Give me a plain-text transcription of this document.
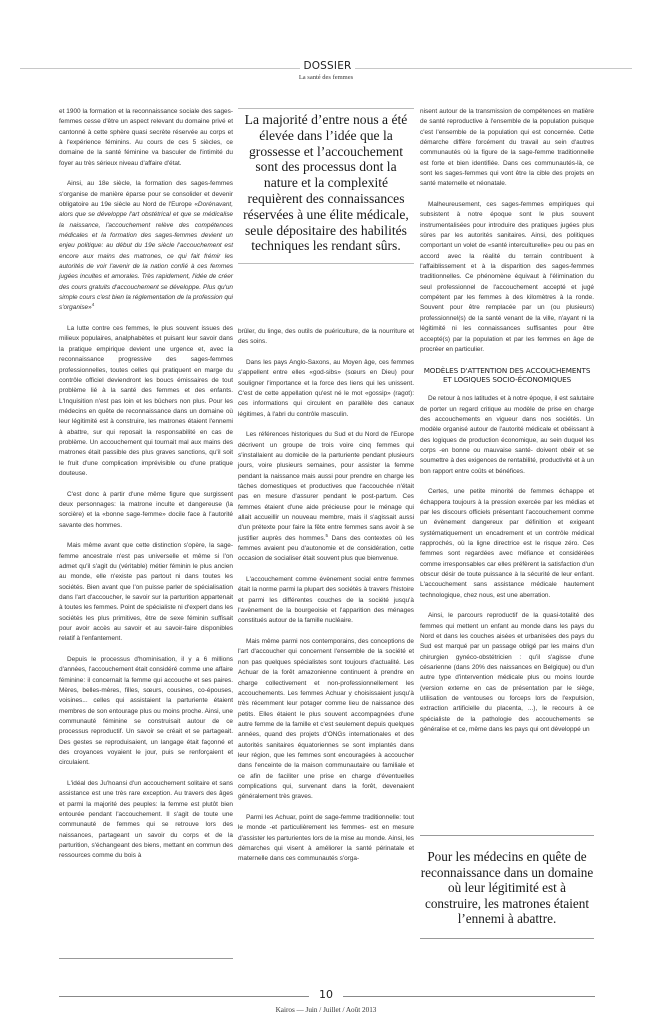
DOSSIER
La santé des femmes

et 1900 la formation et la reconnaissance sociale des sages-femmes cesse d'être un aspect relevant du domaine privé et cantonné à cette sphère quasi secrète réservée au corps et à l'expérience féminins. Au cours de ces 5 siècles, ce domaine de la santé féminine va basculer de l'intimité du foyer au très sérieux niveau d'affaire d'état.

Ainsi, au 18e siècle, la formation des sages-femmes s'organise de manière éparse pour se consolider et devenir obligatoire au 19e siècle au Nord de l'Europe «Dorénavant, alors que se développe l'art obstétrical et que se médicalise la naissance, l'accouchement relève des compétences médicales et la formation des sages-femmes devient un enjeu politique: au début du 19e siècle l'accouchement est encore aux mains des matrones, ce qui fait frémir les autorités de voir l'avenir de la nation confié à ces femmes jugées incultes et amorales. Très rapidement, l'idée de créer des cours gratuits d'accouchement se développe. Plus qu'un simple cours c'est bien la réglementation de la profession qui s'organise»$^4$

La lutte contre ces femmes, le plus souvent issues des milieux populaires, analphabètes et puisant leur savoir dans la pratique empirique devient une urgence et, avec la reconnaissance progressive des sages-femmes professionnelles, toutes celles qui pratiquent en marge du contrôle officiel deviendront les boucs émissaires de tout problème lié à la santé des femmes et des enfants. L'Inquisition n'est pas loin et les bûchers non plus. Pour les médecins en quête de reconnaissance dans un domaine où leur légitimité est à construire, les matrones étaient l'ennemi à abattre, sur qui reposait la responsabilité en cas de problème. Un accouchement qui tournait mal aux mains des matrones était passible des plus graves sanctions, qu'il soit le fruit d'une complication imprévisible ou d'une pratique douteuse.

C'est donc à partir d'une même figure que surgissent deux personnages: la matrone inculte et dangereuse (la sorcière) et la «bonne sage-femme» docile face à l'autorité savante des hommes.

Mais même avant que cette distinction s'opère, la sage-femme ancestrale n'est pas universelle et même si l'on admet qu'il s'agit du (véritable) métier féminin le plus ancien au monde, elle n'existe pas partout ni dans toutes les sociétés. Bien avant que l'on puisse parler de spécialisation dans l'art d'accoucher, le savoir sur la parturition appartenait à toutes les femmes. Point de spécialiste ni d'expert dans les sociétés les plus primitives, être de sexe féminin suffisait pour avoir accès au savoir et au savoir-faire disponibles relatif à l'enfantement.

Depuis le processus d'hominisation, il y a 6 millions d'années, l'accouchement était considéré comme une affaire féminine: il concernait la femme qui accouche et ses paires. Mères, belles-mères, filles, sœurs, cousines, co-épouses, voisines... celles qui assistaient la parturiente étaient membres de son entourage plus ou moins proche. Ainsi, une communauté féminine se construisait autour de ce processus reproductif. Un savoir se créait et se partageait. Des gestes se reproduisaient, un langage était façonné et des croyances voyaient le jour, puis se renforçaient et circulaient.

L'idéal des Ju'hoansi d'un accouchement solitaire et sans assistance est une très rare exception. Au travers des âges et parmi la majorité des peuples: la femme est plutôt bien entourée pendant l'accouchement. Il s'agit de toute une communauté de femmes qui se retrouve lors des naissances, partageant un savoir du corps et de la parturition, s'échangeant des biens, mettant en commun des ressources comme du bois à

La majorité d’entre nous a été élevée dans l’idée que la grossesse et l’accouchement sont des processus dont la nature et la complexité requièrent des connaissances réservées à une élite médicale, seule dépositaire des habilités techniques les rendant sûrs.

brûler, du linge, des outils de puériculture, de la nourriture et des soins.

Dans les pays Anglo-Saxons, au Moyen âge, ces femmes s'appellent entre elles «god-sibs» (sœurs en Dieu) pour souligner l'importance et la force des liens qui les unissent. C'est de cette appellation qu'est né le mot «gossip» (ragot): ces informations qui circulent en parallèle des canaux légitimes, à l'abri du contrôle masculin.

Les références historiques du Sud et du Nord de l'Europe décrivent un groupe de trois voire cinq femmes qui s'installaient au domicile de la parturiente pendant plusieurs jours, voire plusieurs semaines, pour assister la femme pendant la naissance mais aussi pour prendre en charge les tâches domestiques et productives que l'accouchée n'était pas en mesure d'assurer pendant le post-partum. Ces femmes étaient d'une aide précieuse pour le ménage qui allait accueillir un nouveau membre, mais il s'agissait aussi d'un prétexte pour faire la fête entre femmes sans avoir à se justifier auprès des hommes.$^5$ Dans des contextes où les femmes avaient peu d'autonomie et de considération, cette occasion de socialiser était souvent plus que bienvenue.

L'accouchement comme évènement social entre femmes était la norme parmi la plupart des sociétés à travers l'histoire et parmi les différentes couches de la société jusqu'à l'avènement de la bourgeoisie et l'apparition des ménages constitués autour de la famille nucléaire.

Mais même parmi nos contemporains, des conceptions de l'art d'accoucher qui concernent l'ensemble de la société et non pas quelques spécialistes sont toujours d'actualité. Les Achuar de la forêt amazonienne continuent à prendre en charge collectivement et non-professionnellement les accouchements. Les femmes Achuar y choisissaient jusqu'à très récemment leur potager comme lieu de naissance des petits. Elles étaient le plus souvent accompagnées d'une autre femme de la famille et c'est seulement depuis quelques années, quand des projets d'ONGs internationales et des autorités sanitaires équatoriennes se sont implantés dans leur région, que les femmes sont encouragées à accoucher dans l'enceinte de la maison communautaire ou familiale et ce afin de faciliter une prise en charge d'éventuelles complications qui, survenant dans la forêt, devenaient généralement très graves.

Parmi les Achuar, point de sage-femme traditionnelle: tout le monde -et particulièrement les femmes- est en mesure d'assister les parturientes lors de la mise au monde. Ainsi, les démarches qui visent à améliorer la santé périnatale et maternelle dans ces communautés s'orga-

nisent autour de la transmission de compétences en matière de santé reproductive à l'ensemble de la population puisque c'est l'ensemble de la population qui est concernée. Cette démarche diffère forcément du travail au sein d'autres communautés où la figure de la sage-femme traditionnelle est forte et bien identifiée. Dans ces communautés-là, ce sont les sages-femmes qui vont être la cible des projets en santé maternelle et néonatale.

Malheureusement, ces sages-femmes empiriques qui subsistent à notre époque sont le plus souvent instrumentalisées pour introduire des pratiques jugées plus sûres par les autorités sanitaires. Ainsi, des politiques comportant un volet de «santé interculturelle» peu ou pas en accord avec la réalité du terrain contribuent à l'affaiblissement et à la disparition des sages-femmes traditionnelles. Ce phénomène équivaut à l'élimination du seul professionnel de l'accouchement accepté et jugé compétent par les femmes à des kilomètres à la ronde. Souvent pour être remplacée par un (ou plusieurs) professionnel(s) de la santé venant de la ville, n'ayant ni la légitimité ni les connaissances suffisantes pour être accepté(s) par la population et par les femmes en âge de procréer en particulier.

MODÈLES D'ATTENTION DES ACCOUCHEMENTS ET LOGIQUES SOCIO-ÉCONOMIQUES

De retour à nos latitudes et à notre époque, il est salutaire de porter un regard critique au modèle de prise en charge des accouchements en vigueur dans nos sociétés. Un modèle organisé autour de l'autorité médicale et obéissant à des logiques de production économique, au sein duquel les corps -en bonne ou mauvaise santé- doivent obéir et se soumettre à des exigences de rentabilité, productivité et à un bon rapport entre coûts et bénéfices.

Certes, une petite minorité de femmes échappe et échappera toujours à la pression exercée par les médias et par les discours officiels présentant l'accouchement comme un évènement dangereux par définition et exigeant systématiquement un encadrement et un contrôle médical rapprochés, où la ligne directrice est le risque zéro. Ces femmes sont regardées avec méfiance et considérées comme irresponsables car elles préfèrent la satisfaction d'un obscur désir de toute puissance à la sécurité de leur enfant. L'accouchement sans assistance médicale hautement technologique, chez nous, est une aberration.

Ainsi, le parcours reproductif de la quasi-totalité des femmes qui mettent un enfant au monde dans les pays du Nord et dans les couches aisées et urbanisées des pays du Sud est marqué par un passage obligé par les mains d'un chirurgien gynéco-obstétricien : qu'il s'agisse d'une césarienne (dans 20% des naissances en Belgique) ou d'un autre type d'intervention médicale plus ou moins lourde (version externe en cas de présentation par le siège, utilisation de ventouses ou forceps lors de l'expulsion, extraction artificielle du placenta, ...), le recours à ce spécialiste de la pathologie des accouchements se généralise et ce, même dans les pays qui ont développé un

Pour les médecins en quête de reconnaissance dans un domaine où leur légitimité est à construire, les matrones étaient l’ennemi à abattre.
10
Kairos — Juin / Juillet / Août 2013
